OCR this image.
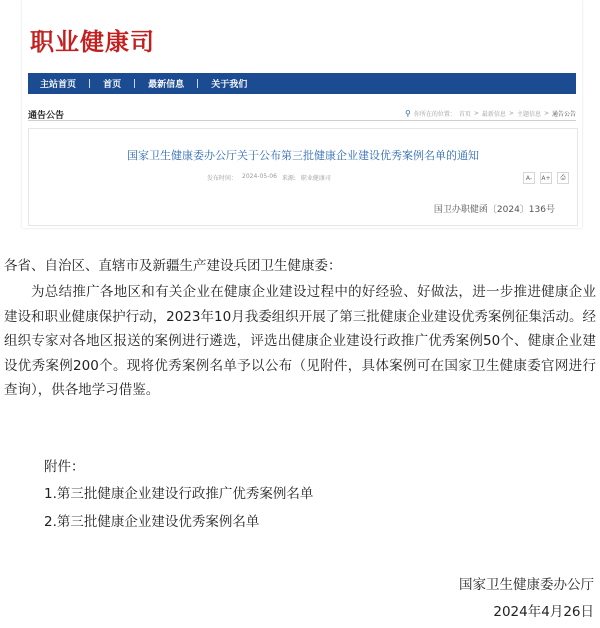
职业健康司
主站首页	|	首页	|	最新信息	|	关于我们
通告公告	⚲ 你所在的位置： 首页 > 最新信息 > 主题信息 > 通告公告
国家卫生健康委办公厅关于公布第三批健康企业建设优秀案例名单的通知
发布时间： 2024-05-06 来源: 职业健康司	A-	A+	⎙
国卫办职健函〔2024〕136号
各省、自治区、直辖市及新疆生产建设兵团卫生健康委：
为总结推广各地区和有关企业在健康企业建设过程中的好经验、好做法，进一步推进健康企业建设和职业健康保护行动，2023年10月我委组织开展了第三批健康企业建设优秀案例征集活动。经组织专家对各地区报送的案例进行遴选，评选出健康企业建设行政推广优秀案例50个、健康企业建设优秀案例200个。现将优秀案例名单予以公布（见附件，具体案例可在国家卫生健康委官网进行查询），供各地学习借鉴。
附件：
1.第三批健康企业建设行政推广优秀案例名单
2.第三批健康企业建设优秀案例名单
国家卫生健康委办公厅
2024年4月26日
